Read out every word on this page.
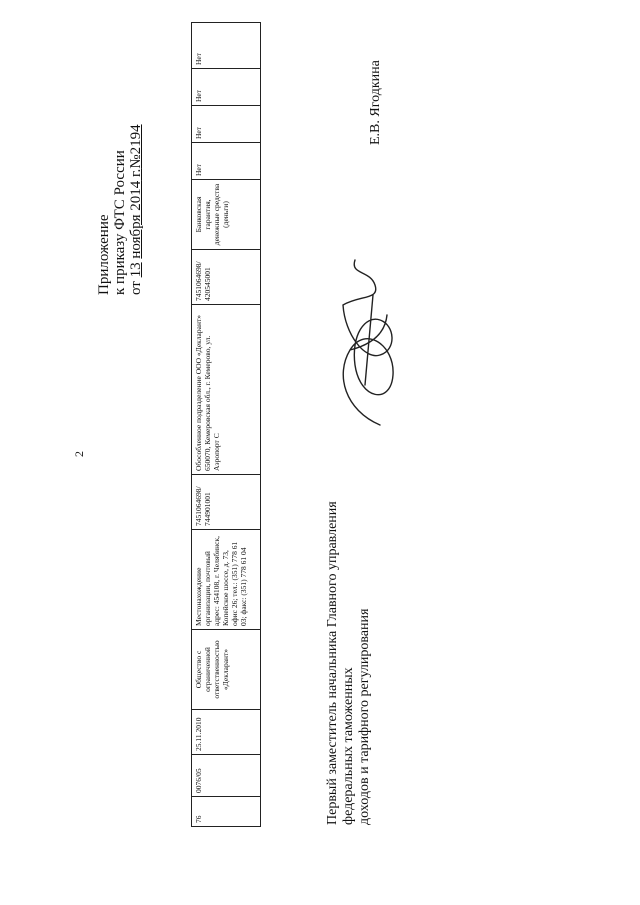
2
Приложение к приказу ФТС России от 13 ноября 2014 г.№2194
76	0076/05	25.11.2010	Общество с ограниченной ответственностью «Декларант»	Местонахождение организации, почтовый адрес: 454108, г. Челябинск, Копейское шоссе, д. 73, офис 26; тел.: (351) 778 61 03; факс: (351) 778 61 04	7451064698/ 744901001	Обособленное подразделение ООО «Декларант» 650070, Кемеровская обл., г. Кемерово, ул. Аэропорт С	7451064698/ 420545001	Банковская гарантия, денежные средства (деньги)	Нет	Нет	Нет	Нет
Первый заместитель начальника Главного управления федеральных таможенных доходов и тарифного регулирования
Е.В. Ягодкина
